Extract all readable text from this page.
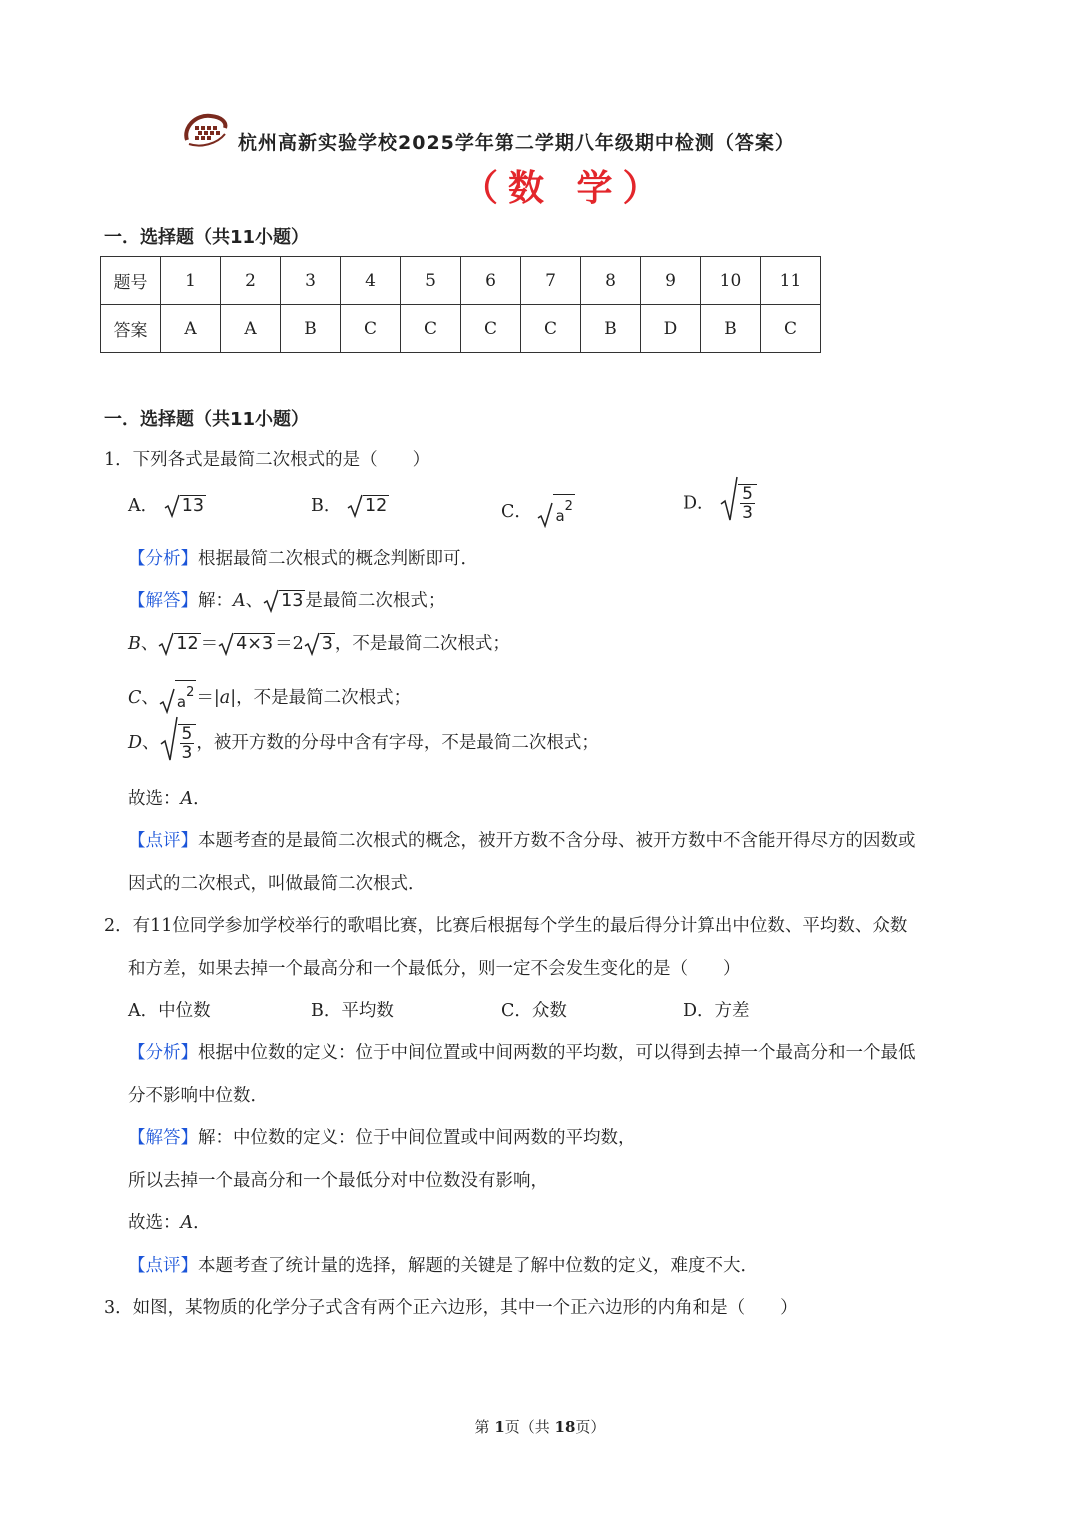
杭州高新实验学校2025学年第二学期八年级期中检测（答案）
（数 学）
一．选择题（共11小题）
题号	1	2	3	4	5	6	7	8	9	10	11
答案	A	A	B	C	C	C	C	B	D	B	C
一．选择题（共11小题）
1．下列各式是最简二次根式的是（　　）
A． 13	B． 12	C． $a^2$	D． $\frac{5}{3}$
【分析】根据最简二次根式的概念判断即可．
【解答】解：A、 13 是最简二次根式；
B、 12 ＝ 4×3 ＝2 3 ，不是最简二次根式；
C、 $a^2 =|a|$，不是最简二次根式；
D、 $\frac{5}{3}$ ，被开方数的分母中含有字母，不是最简二次根式；
故选：A．
【点评】本题考查的是最简二次根式的概念，被开方数不含分母、被开方数中不含能开得尽方的因数或
因式的二次根式，叫做最简二次根式．
2．有11位同学参加学校举行的歌唱比赛，比赛后根据每个学生的最后得分计算出中位数、平均数、众数
和方差，如果去掉一个最高分和一个最低分，则一定不会发生变化的是（　　）
A．中位数	B．平均数	C．众数	D．方差
【分析】根据中位数的定义：位于中间位置或中间两数的平均数，可以得到去掉一个最高分和一个最低
分不影响中位数．
【解答】解：中位数的定义：位于中间位置或中间两数的平均数，
所以去掉一个最高分和一个最低分对中位数没有影响，
故选：A．
【点评】本题考查了统计量的选择，解题的关键是了解中位数的定义，难度不大．
3．如图，某物质的化学分子式含有两个正六边形，其中一个正六边形的内角和是（　　）
第 1页（共 18页）
